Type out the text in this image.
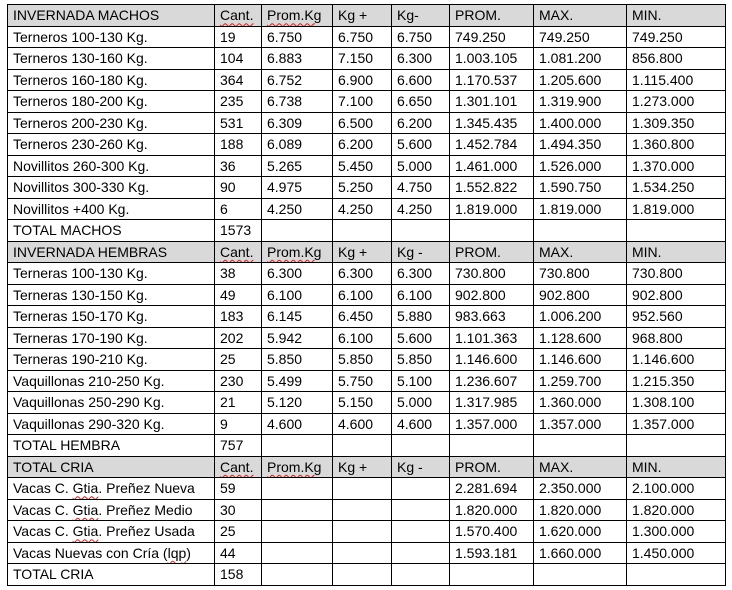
INVERNADA MACHOS	Cant.	Prom.Kg	Kg +	Kg-	PROM.	MAX.	MIN.
Terneros 100-130 Kg.	19	6.750	6.750	6.750	749.250	749.250	749.250
Terneros 130-160 Kg.	104	6.883	7.150	6.300	1.003.105	1.081.200	856.800
Terneros 160-180 Kg.	364	6.752	6.900	6.600	1.170.537	1.205.600	1.115.400
Terneros 180-200 Kg.	235	6.738	7.100	6.650	1.301.101	1.319.900	1.273.000
Terneros 200-230 Kg.	531	6.309	6.500	6.200	1.345.435	1.400.000	1.309.350
Terneros 230-260 Kg.	188	6.089	6.200	5.600	1.452.784	1.494.350	1.360.800
Novillitos 260-300 Kg.	36	5.265	5.450	5.000	1.461.000	1.526.000	1.370.000
Novillitos 300-330 Kg.	90	4.975	5.250	4.750	1.552.822	1.590.750	1.534.250
Novillitos +400 Kg.	6	4.250	4.250	4.250	1.819.000	1.819.000	1.819.000
TOTAL MACHOS	1573						
INVERNADA HEMBRAS	Cant.	Prom.Kg	Kg +	Kg -	PROM.	MAX.	MIN.
Terneras 100-130 Kg.	38	6.300	6.300	6.300	730.800	730.800	730.800
Terneras 130-150 Kg.	49	6.100	6.100	6.100	902.800	902.800	902.800
Terneras 150-170 Kg.	183	6.145	6.450	5.880	983.663	1.006.200	952.560
Terneras 170-190 Kg.	202	5.942	6.100	5.600	1.101.363	1.128.600	968.800
Terneras 190-210 Kg.	25	5.850	5.850	5.850	1.146.600	1.146.600	1.146.600
Vaquillonas 210-250 Kg.	230	5.499	5.750	5.100	1.236.607	1.259.700	1.215.350
Vaquillonas 250-290 Kg.	21	5.120	5.150	5.000	1.317.985	1.360.000	1.308.100
Vaquillonas 290-320 Kg.	9	4.600	4.600	4.600	1.357.000	1.357.000	1.357.000
TOTAL HEMBRA	757						
TOTAL CRIA	Cant.	Prom.Kg	Kg +	Kg -	PROM.	MAX.	MIN.
Vacas C. Gtia. Preñez Nueva	59				2.281.694	2.350.000	2.100.000
Vacas C. Gtia. Preñez Medio	30				1.820.000	1.820.000	1.820.000
Vacas C. Gtia. Preñez Usada	25				1.570.400	1.620.000	1.300.000
Vacas Nuevas con Cría (lqp)	44				1.593.181	1.660.000	1.450.000
TOTAL CRIA	158						
